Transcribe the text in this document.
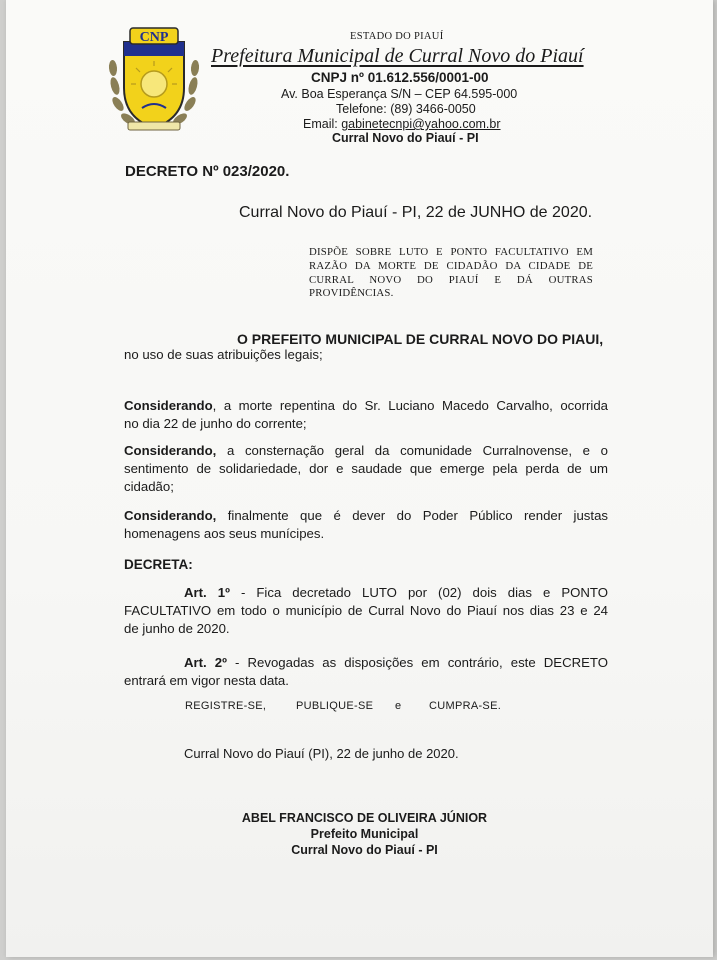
CNP	ESTADO DO PIAUÍ
Prefeitura Municipal de Curral Novo do Piauí
CNPJ nº 01.612.556/0001-00
Av. Boa Esperança S/N – CEP 64.595-000
Telefone: (89) 3466-0050
Email: gabinetecnpi@yahoo.com.br
Curral Novo do Piauí - PI
DECRETO Nº 023/2020.
Curral Novo do Piauí - PI, 22 de JUNHO de 2020.
DISPÕE SOBRE LUTO E PONTO FACULTATIVO EM
RAZÃO DA MORTE DE CIDADÃO DA CIDADE DE
CURRAL NOVO DO PIAUÍ E DÁ OUTRAS
PROVIDÊNCIAS.
O PREFEITO MUNICIPAL DE CURRAL NOVO DO PIAUI,
no uso de suas atribuições legais;
Considerando, a morte repentina do Sr. Luciano Macedo Carvalho, ocorrida
no dia 22 de junho do corrente;
Considerando, a consternação geral da comunidade Curralnovense, e o
sentimento de solidariedade, dor e saudade que emerge pela perda de um
cidadão;
Considerando, finalmente que é dever do Poder Público render justas
homenagens aos seus munícipes.
DECRETA:
Art. 1º - Fica decretado LUTO por (02) dois dias e PONTO
FACULTATIVO em todo o município de Curral Novo do Piauí nos dias 23 e 24
de junho de 2020.
Art. 2º - Revogadas as disposições em contrário, este DECRETO
entrará em vigor nesta data.
REGISTRE-SE,	PUBLIQUE-SE e	CUMPRA-SE.
Curral Novo do Piauí (PI), 22 de junho de 2020.
ABEL FRANCISCO DE OLIVEIRA JÚNIOR
Prefeito Municipal
Curral Novo do Piauí - PI
